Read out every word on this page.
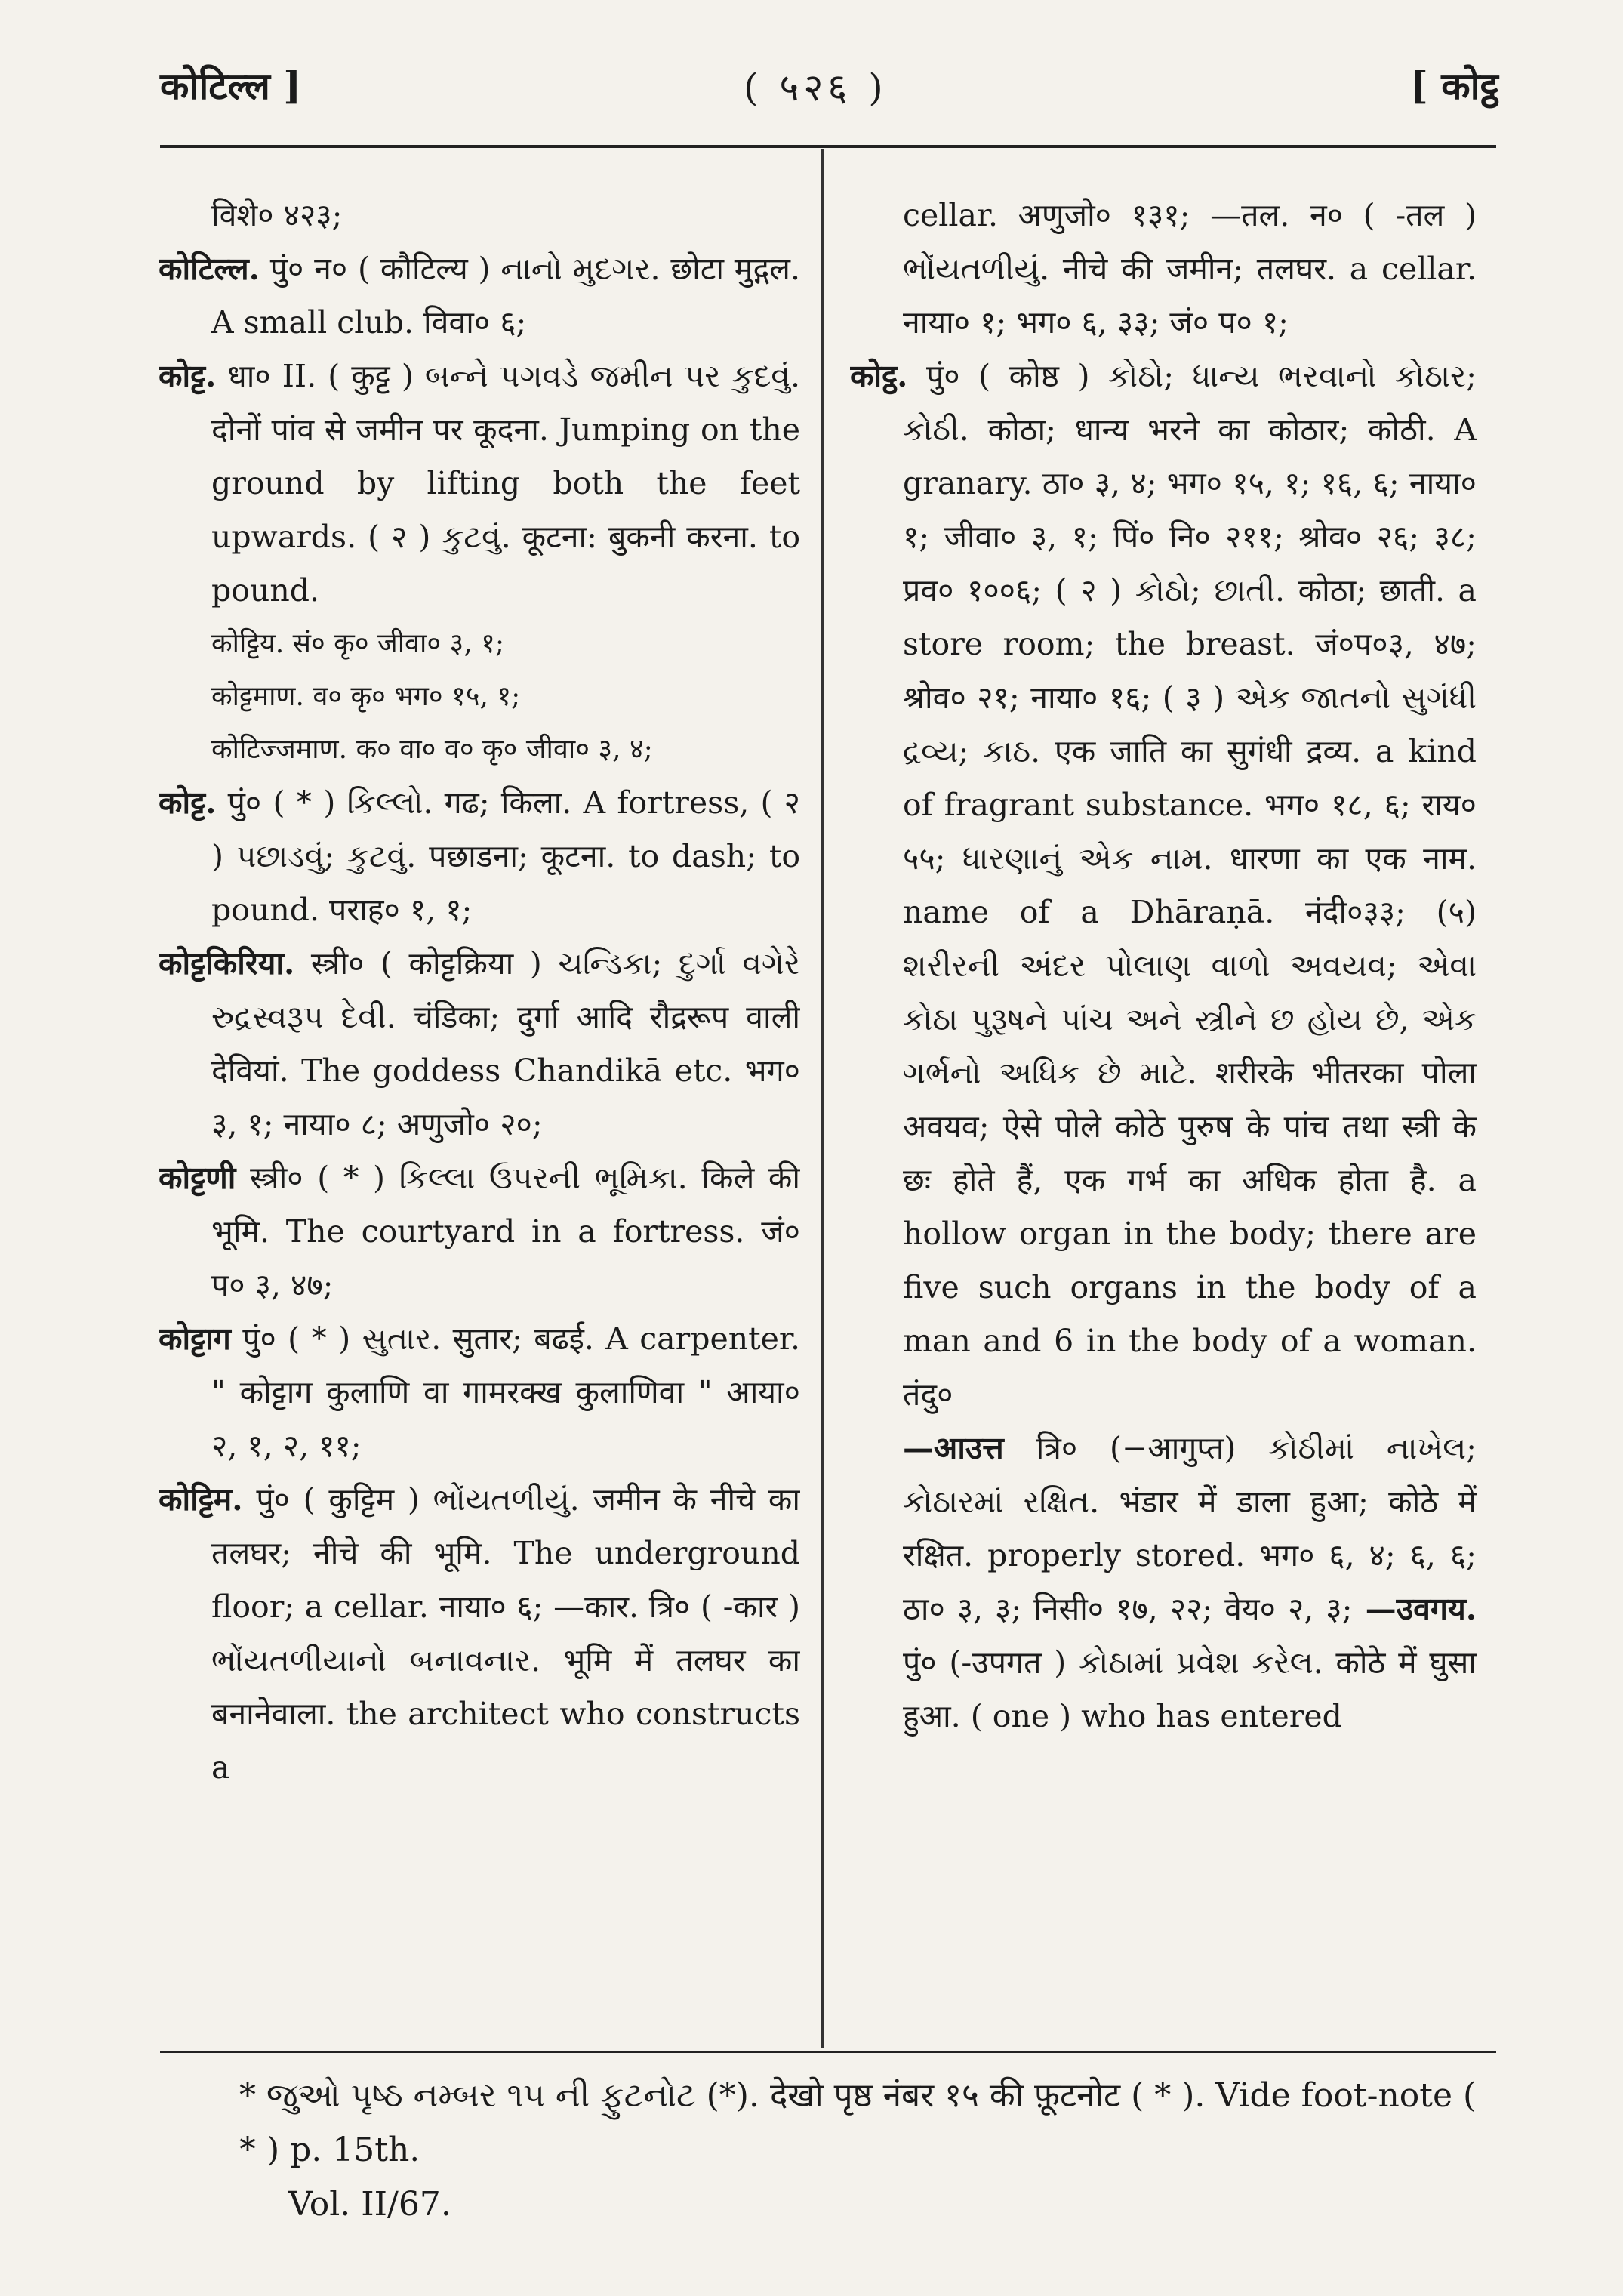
कोटिल्ल ]	( ५२६ )	[ कोट्ठ
विशे० ४२३;
कोटिल्ल. पुं० न० ( कौटिल्य ) નાનો મુદગર. छोटा मुद्गल. A small club. विवा० ६;
कोट्ट. धा० II. ( कुट्ट ) બન્ને પગવડે જમીન પર કુદવું. दोनों पांव से जमीन पर कूदना. Jumping on the ground by lifting both the feet upwards. ( २ ) કુટવું. कूटना: बुकनी करना. to pound.
कोट्टिय. सं० कृ० जीवा० ३, १;
कोट्टमाण. व० कृ० भग० १५, १;
कोटिज्जमाण. क० वा० व० कृ० जीवा० ३, ४;
कोट्ट. पुं० ( * ) કિલ્લો. गढ; किला. A fortress, ( २ ) પછાડવું; કુટવું. पछाडना; कूटना. to dash; to pound. पराह० १, १;
कोट्टकिरिया. स्त्री० ( कोट्टक्रिया ) ચન્ડિકા; દુર્ગા વગેરે રુદ્રસ્વરૂપ દેવી. चंडिका; दुर्गा आदि रौद्ररूप वाली देवियां. The goddess Chandikā etc. भग० ३, १; नाया० ८; अणुजो० २०;
कोट्टणी स्त्री० ( * ) કિલ્લા ઉપરની ભૂમિકા. किले की भूमि. The courtyard in a fortress. जं० प० ३, ४७;
कोट्टाग पुं० ( * ) સુતાર. सुतार; बढई. A carpenter. " कोट्टाग कुलाणि वा गामरक्ख कुलाणिवा " आया० २, १, २, ११;
कोट्टिम. पुं० ( कुट्टिम ) ભોંયતળીયું. जमीन के नीचे का तलघर; नीचे की भूमि. The underground floor; a cellar. नाया० ६; —कार. त्रि० ( -कार ) ભોંયતળીયાનો બનાવનાર. भूमि में तलघर का बनानेवाला. the architect who constructs a
cellar. अणुजो० १३१; —तल. न० ( -तल ) ભોંયતળીયું. नीचे की जमीन; तलघर. a cellar. नाया० १; भग० ६, ३३; जं० प० १;
कोट्ठ. पुं० ( कोष्ठ ) કોઠો; ધાન્ય ભરવાનો કોઠાર; કોઠી. कोठा; धान्य भरने का कोठार; कोठी. A granary. ठा० ३, ४; भग० १५, १; १६, ६; नाया० १; जीवा० ३, १; पिं० नि० २११; श्रोव० २६; ३८; प्रव० १००६; ( २ ) કોઠો; છાતી. कोठा; छाती. a store room; the breast. जं०प०३, ४७; श्रोव० २१; नाया० १६; ( ३ ) એક જાતનો સુગંધી દ્રવ્ય; કાઠ. एक जाति का सुगंधी द्रव्य. a kind of fragrant substance. भग० १८, ६; राय० ५५; ધારણાનું એક નામ. धारणा का एक नाम. name of a Dhāraṇā. नंदी०३३; (५) શરીરની અંદર પોલાણ વાળો અવયવ; એવા કોઠા પુરૂષને પાંચ અને સ્ત્રીને છ હોય છે, એક ગર્ભનો અધિક છે માટે. शरीरके भीतरका पोला अवयव; ऐसे पोले कोठे पुरुष के पांच तथा स्त्री के छः होते हैं, एक गर्भ का अधिक होता है. a hollow organ in the body; there are five such organs in the body of a man and 6 in the body of a woman. तंदु०
—आउत्त त्रि० (−आगुप्त) કોઠીમાં નાખેલ; કોઠારમાં રક્ષિત. भंडार में डाला हुआ; कोठे में रक्षित. properly stored. भग० ६, ४; ६, ६; ठा० ३, ३; निसी० १७, २२; वेय० २, ३; —उवगय. पुं० (-उपगत ) કોઠામાં પ્રવેશ કરેલ. कोठे में घुसा हुआ. ( one ) who has entered
* જુઓ પૃષ્ઠ નમ્બર ૧૫ ની ફુટનોટ (*). देखो पृष्ठ नंबर १५ की फ़ूटनोट ( * ). Vide foot-note ( * ) p. 15th.
Vol. II/67.
